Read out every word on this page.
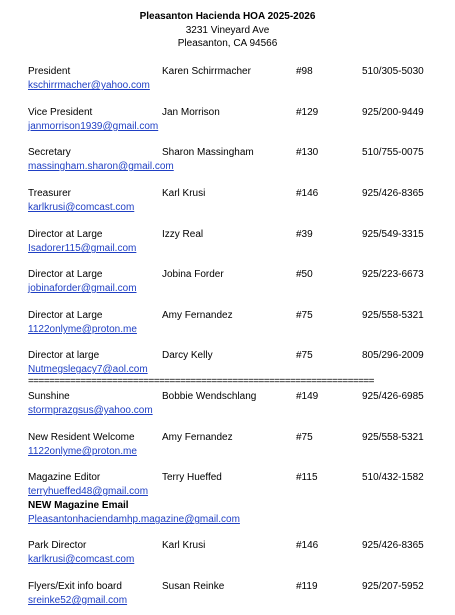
Pleasanton Hacienda HOA 2025-2026
3231 Vineyard Ave
Pleasanton, CA 94566
President	Karen Schirrmacher	#98	510/305-5030
kschirrmacher@yahoo.com
Vice President	Jan Morrison	#129	925/200-9449
janmorrison1939@gmail.com
Secretary	Sharon Massingham	#130	510/755-0075
massingham.sharon@gmail.com
Treasurer	Karl Krusi	#146	925/426-8365
karlkrusi@comcast.com
Director at Large	Izzy Real	#39	925/549-3315
Isadorer115@gmail.com
Director at Large	Jobina Forder	#50	925/223-6673
jobinaforder@gmail.com
Director at Large	Amy Fernandez	#75	925/558-5321
1122onlyme@proton.me
Director at large	Darcy Kelly	#75	805/296-2009
Nutmegslegacy7@aol.com
==================================================================
Sunshine	Bobbie Wendschlang	#149	925/426-6985
stormprazgsus@yahoo.com
New Resident Welcome	Amy Fernandez	#75	925/558-5321
1122onlyme@proton.me
Magazine Editor	Terry Hueffed	#115	510/432-1582
terryhueffed48@gmail.com
NEW Magazine Email
Pleasantonhaciendamhp.magazine@gmail.com
Park Director	Karl Krusi	#146	925/426-8365
karlkrusi@comcast.com
Flyers/Exit info board	Susan Reinke	#119	925/207-5952
sreinke52@gmail.com
